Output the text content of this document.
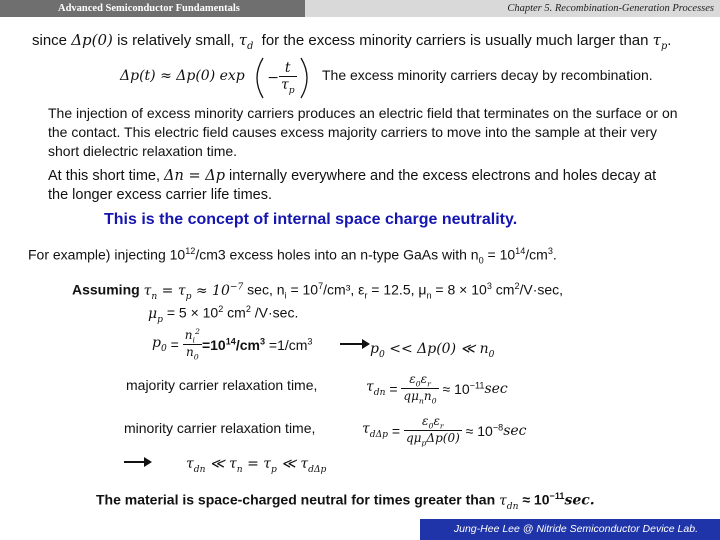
Advanced Semiconductor Fundamentals	Chapter 5. Recombination-Generation Processes
since Δp(0) is relatively small, $\tau_d$ for the excess minority carriers is usually much larger than $\tau_p$.
Δp(t) ≈ Δp(0) $\exp - \frac{t}{\tau_p}$ The excess minority carriers decay by recombination.
The injection of excess minority carriers produces an electric field that terminates on the surface or on the contact. This electric field causes excess majority carriers to move into the sample at their very short dielectric relaxation time.
At this short time, Δn = Δp internally everywhere and the excess electrons and holes decay at the longer excess carrier life times.
This is the concept of internal space charge neutrality.
For example) injecting $10^{12}/cm3$ excess holes into an n-type GaAs with $n_0 = 10^{14}/cm^3$.
Assuming $\tau_n = \tau_p \approx 10^{-7}$ sec, $n_i = 10^7/cm^3$, $\varepsilon_r = 12.5$, $\mu_n = 8 \times 10^3$ $cm^2/V\cdot\sec$,
$\mu_p = 5 \times 10^2$ $cm^2$ /V·sec.
$p_0 = \frac{n_i^2}{n_0} =10^{14}/cm^3 =1/cm^3$	$p_0 << \Delta p(0)$ ≪ $n_0$
majority carrier relaxation time,	$\tau_{dn} = \frac{\varepsilon_0\varepsilon_r}{q\mu_nn_0} \approx 10^{-11}\sec$
minority carrier relaxation time,	$\tau_{d\Delta p} = \frac{\varepsilon_0\varepsilon_r}{q\mu_p\Delta p(0)} \approx 10^{-8}\sec$
$\tau_{dn}$ ≪ $\tau_n = \tau_p$ ≪ $\tau_{d\Delta p}$
The material is space-charged neutral for times greater than $\tau_{dn} \approx 10^{-11}\sec$.
Jung-Hee Lee @ Nitride Semiconductor Device Lab.
